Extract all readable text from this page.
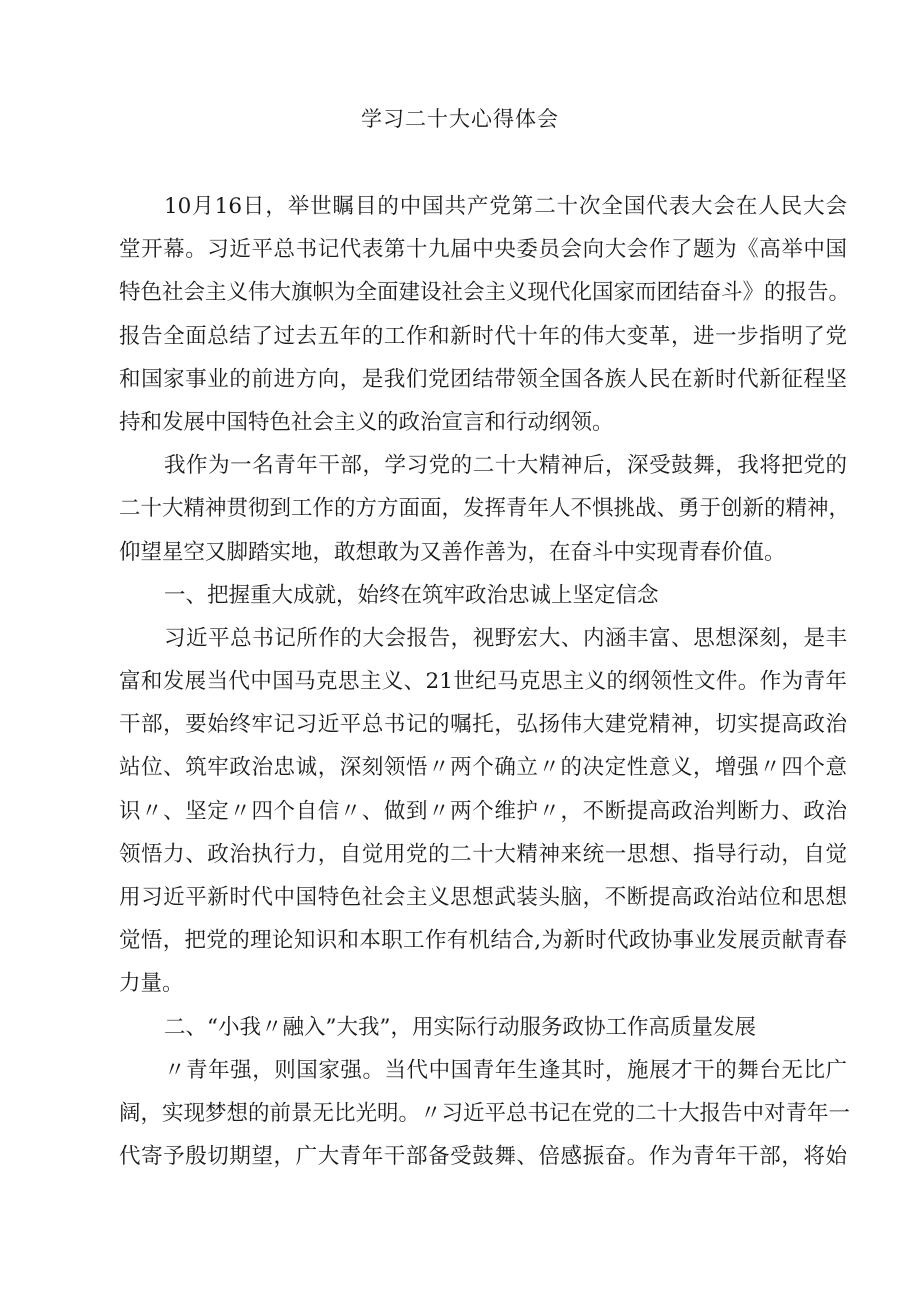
学习二十大心得体会
10月16日，举世瞩目的中国共产党第二十次全国代表大会在人民大会
堂开幕。习近平总书记代表第十九届中央委员会向大会作了题为《高举中国
特色社会主义伟大旗帜为全面建设社会主义现代化国家而团结奋斗》的报告。
报告全面总结了过去五年的工作和新时代十年的伟大变革，进一步指明了党
和国家事业的前进方向，是我们党团结带领全国各族人民在新时代新征程坚
持和发展中国特色社会主义的政治宣言和行动纲领。
我作为一名青年干部，学习党的二十大精神后，深受鼓舞，我将把党的
二十大精神贯彻到工作的方方面面，发挥青年人不惧挑战、勇于创新的精神，
仰望星空又脚踏实地，敢想敢为又善作善为，在奋斗中实现青春价值。
一、把握重大成就，始终在筑牢政治忠诚上坚定信念
习近平总书记所作的大会报告，视野宏大、内涵丰富、思想深刻，是丰
富和发展当代中国马克思主义、21世纪马克思主义的纲领性文件。作为青年
干部，要始终牢记习近平总书记的嘱托，弘扬伟大建党精神，切实提高政治
站位、筑牢政治忠诚，深刻领悟〃两个确立〃的决定性意义，增强〃四个意
识〃、坚定〃四个自信〃、做到〃两个维护〃，不断提高政治判断力、政治
领悟力、政治执行力，自觉用党的二十大精神来统一思想、指导行动，自觉
用习近平新时代中国特色社会主义思想武装头脑，不断提高政治站位和思想
觉悟，把党的理论知识和本职工作有机结合,为新时代政协事业发展贡献青春
力量。
二、“小我〃融入”大我”，用实际行动服务政协工作高质量发展
〃青年强，则国家强。当代中国青年生逢其时，施展才干的舞台无比广
阔，实现梦想的前景无比光明。〃习近平总书记在党的二十大报告中对青年一
代寄予殷切期望，广大青年干部备受鼓舞、倍感振奋。作为青年干部，将始
